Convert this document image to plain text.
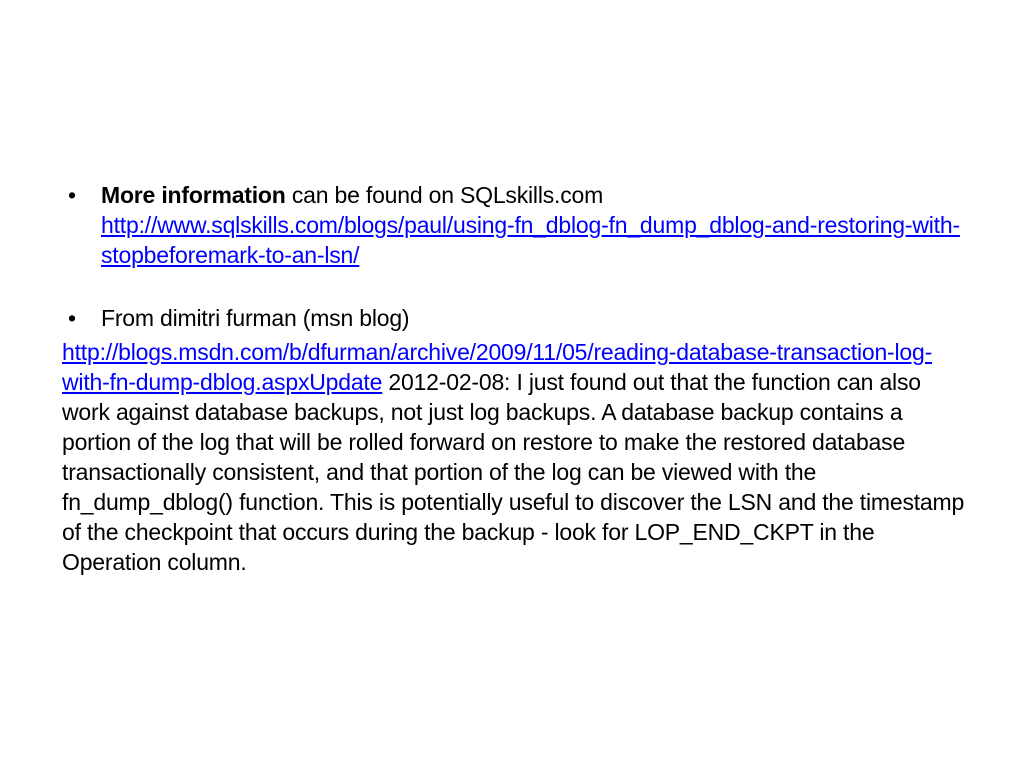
• More information can be found on SQLskills.com
http://www.sqlskills.com/blogs/paul/using-fn_dblog-fn_dump_dblog-and-restoring-with-stopbeforemark-to-an-lsn/
• From dimitri furman (msn blog)
http://blogs.msdn.com/b/dfurman/archive/2009/11/05/reading-database-transaction-log-with-fn-dump-dblog.aspxUpdate 2012-02-08: I just found out that the function can also work against database backups, not just log backups. A database backup contains a portion of the log that will be rolled forward on restore to make the restored database transactionally consistent, and that portion of the log can be viewed with the fn_dump_dblog() function. This is potentially useful to discover the LSN and the timestamp of the checkpoint that occurs during the backup - look for LOP_END_CKPT in the Operation column.
